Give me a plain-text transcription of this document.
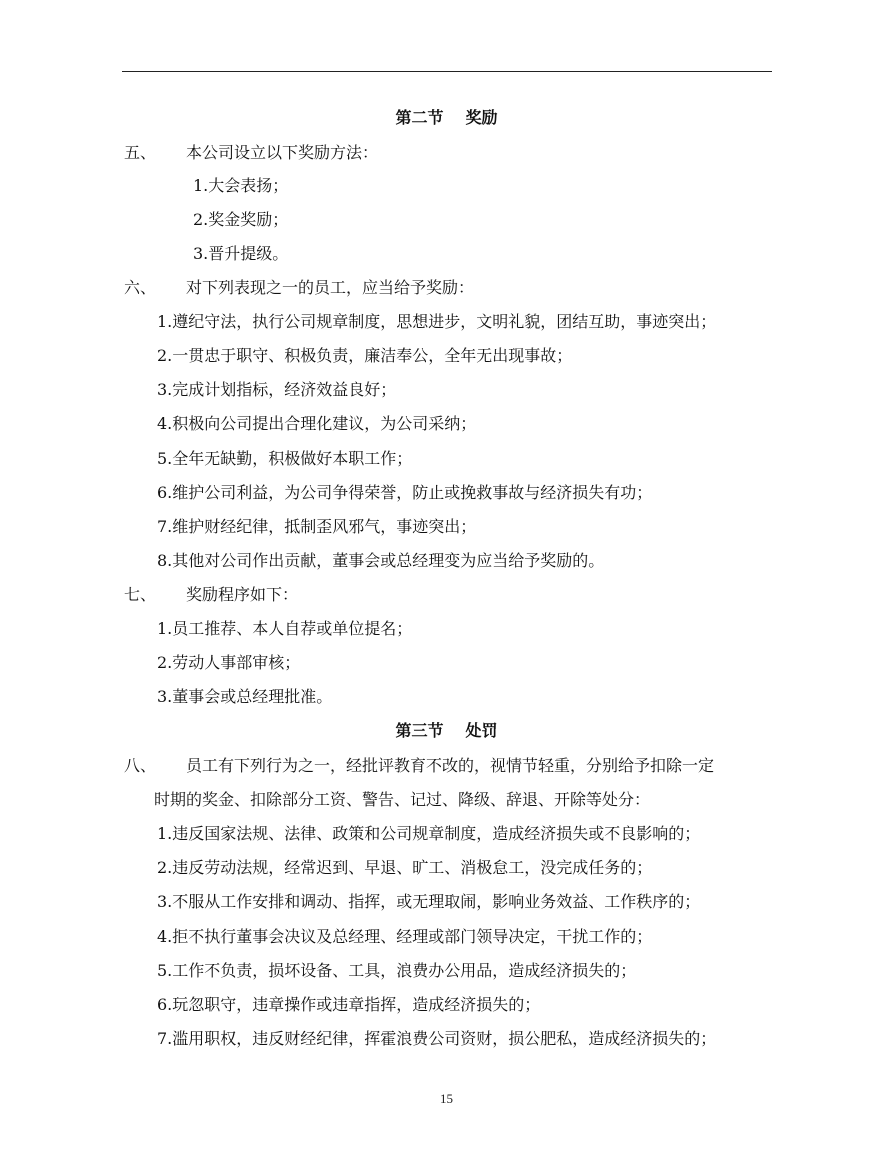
第二节 奖励
五、 本公司设立以下奖励方法：
1.大会表扬；
2.奖金奖励；
3.晋升提级。
六、 对下列表现之一的员工，应当给予奖励：
1.遵纪守法，执行公司规章制度，思想进步，文明礼貌，团结互助，事迹突出；
2.一贯忠于职守、积极负责，廉洁奉公，全年无出现事故；
3.完成计划指标，经济效益良好；
4.积极向公司提出合理化建议，为公司采纳；
5.全年无缺勤，积极做好本职工作；
6.维护公司利益，为公司争得荣誉，防止或挽救事故与经济损失有功；
7.维护财经纪律，抵制歪风邪气，事迹突出；
8.其他对公司作出贡献，董事会或总经理变为应当给予奖励的。
七、 奖励程序如下：
1.员工推荐、本人自荐或单位提名；
2.劳动人事部审核；
3.董事会或总经理批准。
第三节 处罚
八、 员工有下列行为之一，经批评教育不改的，视情节轻重，分别给予扣除一定
时期的奖金、扣除部分工资、警告、记过、降级、辞退、开除等处分：
1.违反国家法规、法律、政策和公司规章制度，造成经济损失或不良影响的；
2.违反劳动法规，经常迟到、早退、旷工、消极怠工，没完成任务的；
3.不服从工作安排和调动、指挥，或无理取闹，影响业务效益、工作秩序的；
4.拒不执行董事会决议及总经理、经理或部门领导决定，干扰工作的；
5.工作不负责，损坏设备、工具，浪费办公用品，造成经济损失的；
6.玩忽职守，违章操作或违章指挥，造成经济损失的；
7.滥用职权，违反财经纪律，挥霍浪费公司资财，损公肥私，造成经济损失的；
15
